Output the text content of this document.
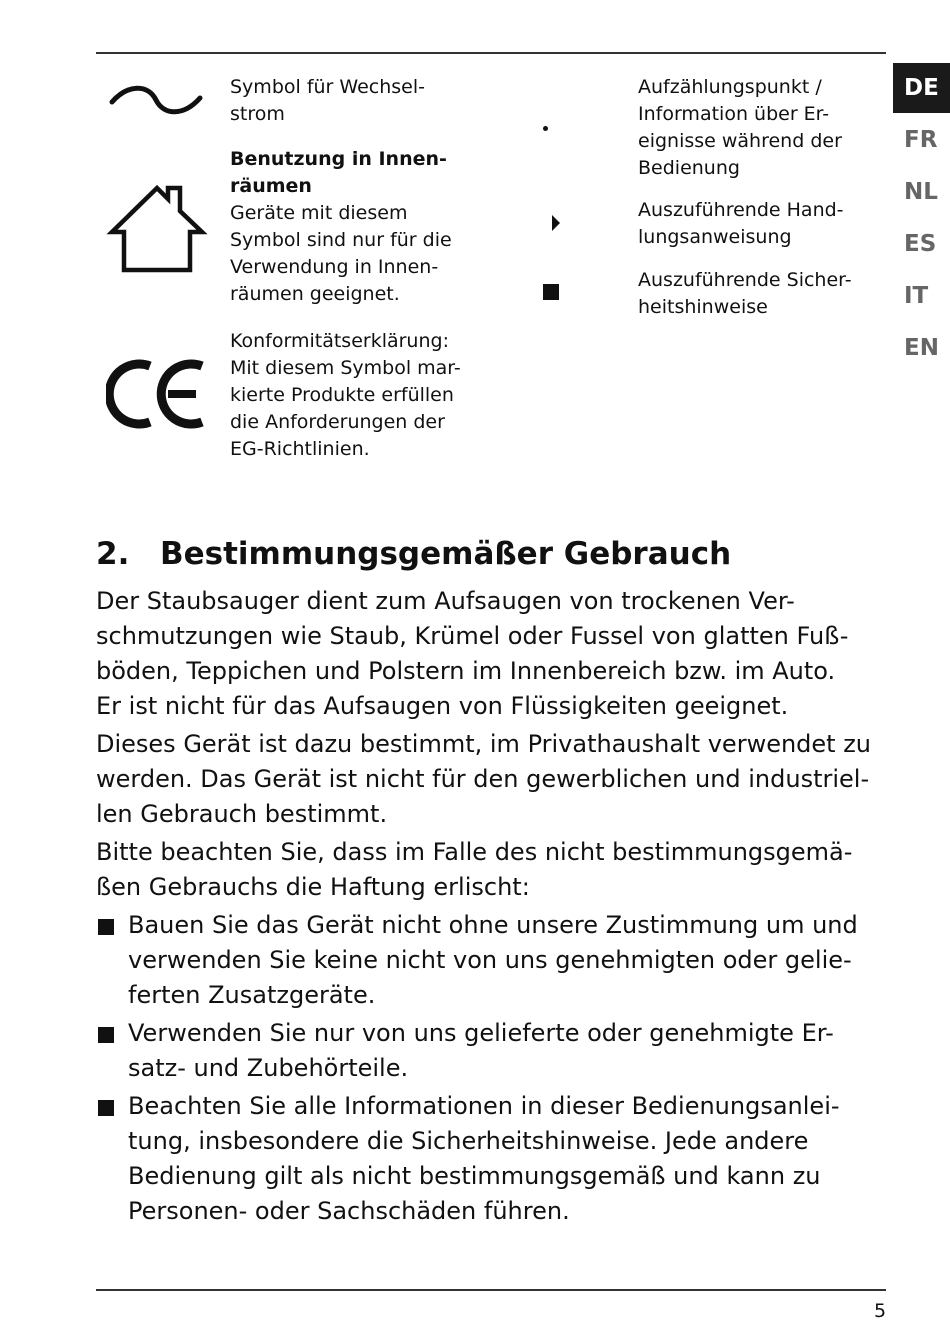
Symbol für Wechsel-
strom
Benutzung in Innen-
räumen
Geräte mit diesem
Symbol sind nur für die
Verwendung in Innen-
räumen geeignet.
Konformitätserklärung:
Mit diesem Symbol mar-
kierte Produkte erfüllen
die Anforderungen der
EG-Richtlinien.
Aufzählungspunkt /
Information über Er-
eignisse während der
Bedienung
Auszuführende Hand-
lungsanweisung
Auszuführende Sicher-
heitshinweise
DE
FR
NL
ES
IT
EN
2. Bestimmungsgemäßer Gebrauch

Der Staubsauger dient zum Aufsaugen von trockenen Ver-
schmutzungen wie Staub, Krümel oder Fussel von glatten Fuß-
böden, Teppichen und Polstern im Innenbereich bzw. im Auto.
Er ist nicht für das Aufsaugen von Flüssigkeiten geeignet.

Dieses Gerät ist dazu bestimmt, im Privathaushalt verwendet zu
werden. Das Gerät ist nicht für den gewerblichen und industriel-
len Gebrauch bestimmt.

Bitte beachten Sie, dass im Falle des nicht bestimmungsgemä-
ßen Gebrauchs die Haftung erlischt:

Bauen Sie das Gerät nicht ohne unsere Zustimmung um und
verwenden Sie keine nicht von uns genehmigten oder gelie-
ferten Zusatzgeräte.
Verwenden Sie nur von uns gelieferte oder genehmigte Er-
satz- und Zubehörteile.
Beachten Sie alle Informationen in dieser Bedienungsanlei-
tung, insbesondere die Sicherheitshinweise. Jede andere
Bedienung gilt als nicht bestimmungsgemäß und kann zu
Personen- oder Sachschäden führen.
5
